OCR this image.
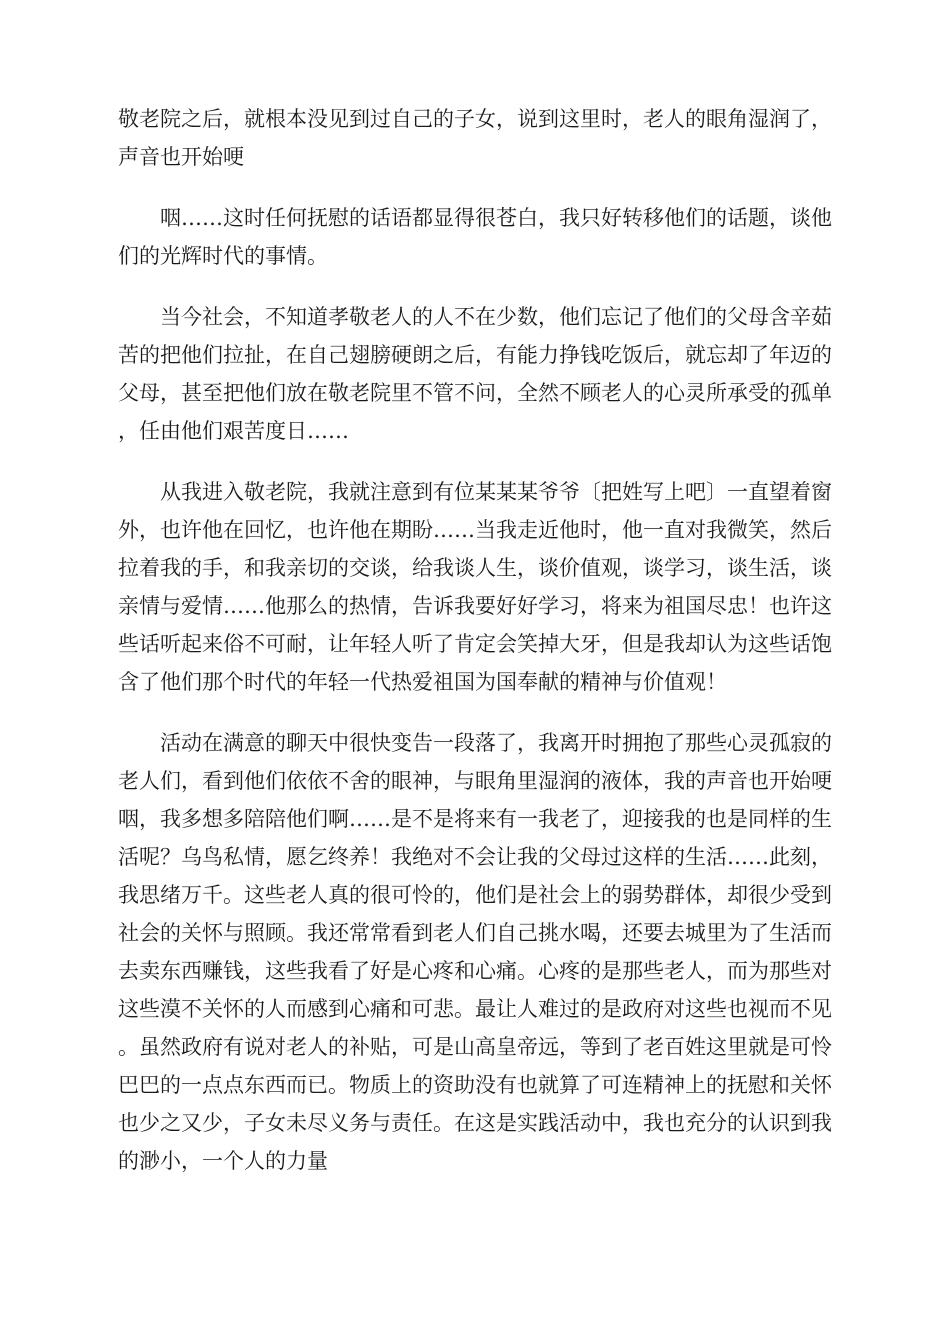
敬老院之后，就根本没见到过自己的子女，说到这里时，老人的眼角湿润了，声音也开始哽

咽……这时任何抚慰的话语都显得很苍白，我只好转移他们的话题，谈他们的光辉时代的事情。

当今社会，不知道孝敬老人的人不在少数，他们忘记了他们的父母含辛茹苦的把他们拉扯，在自己翅膀硬朗之后，有能力挣钱吃饭后，就忘却了年迈的父母，甚至把他们放在敬老院里不管不问，全然不顾老人的心灵所承受的孤单，任由他们艰苦度日……

从我进入敬老院，我就注意到有位某某某爷爷〔把姓写上吧〕一直望着窗外，也许他在回忆，也许他在期盼……当我走近他时，他一直对我微笑，然后拉着我的手，和我亲切的交谈，给我谈人生，谈价值观，谈学习，谈生活，谈亲情与爱情……他那么的热情，告诉我要好好学习，将来为祖国尽忠！也许这些话听起来俗不可耐，让年轻人听了肯定会笑掉大牙，但是我却认为这些话饱含了他们那个时代的年轻一代热爱祖国为国奉献的精神与价值观！

活动在满意的聊天中很快变告一段落了，我离开时拥抱了那些心灵孤寂的老人们，看到他们依依不舍的眼神，与眼角里湿润的液体，我的声音也开始哽咽，我多想多陪陪他们啊……是不是将来有一我老了，迎接我的也是同样的生活呢？乌鸟私情，愿乞终养！我绝对不会让我的父母过这样的生活……此刻，我思绪万千。这些老人真的很可怜的，他们是社会上的弱势群体，却很少受到社会的关怀与照顾。我还常常看到老人们自己挑水喝，还要去城里为了生活而去卖东西赚钱，这些我看了好是心疼和心痛。心疼的是那些老人，而为那些对这些漠不关怀的人而感到心痛和可悲。最让人难过的是政府对这些也视而不见。虽然政府有说对老人的补贴，可是山高皇帝远，等到了老百姓这里就是可怜巴巴的一点点东西而已。物质上的资助没有也就算了可连精神上的抚慰和关怀也少之又少，子女未尽义务与责任。在这是实践活动中，我也充分的认识到我的渺小，一个人的力量
